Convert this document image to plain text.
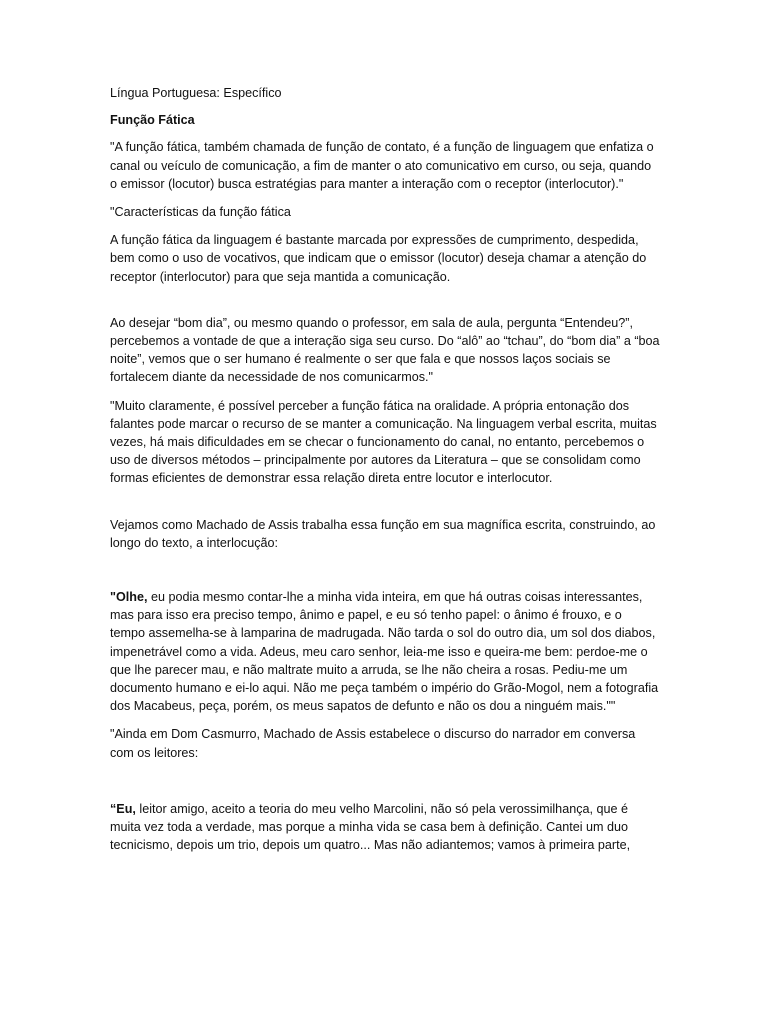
Língua Portuguesa: Específico

Função Fática

"A função fática, também chamada de função de contato, é a função de linguagem que enfatiza o canal ou veículo de comunicação, a fim de manter o ato comunicativo em curso, ou seja, quando o emissor (locutor) busca estratégias para manter a interação com o receptor (interlocutor)."

"Características da função fática

A função fática da linguagem é bastante marcada por expressões de cumprimento, despedida, bem como o uso de vocativos, que indicam que o emissor (locutor) deseja chamar a atenção do receptor (interlocutor) para que seja mantida a comunicação.

Ao desejar “bom dia”, ou mesmo quando o professor, em sala de aula, pergunta “Entendeu?”, percebemos a vontade de que a interação siga seu curso. Do “alô” ao “tchau”, do “bom dia” a “boa noite”, vemos que o ser humano é realmente o ser que fala e que nossos laços sociais se fortalecem diante da necessidade de nos comunicarmos."

"Muito claramente, é possível perceber a função fática na oralidade. A própria entonação dos falantes pode marcar o recurso de se manter a comunicação. Na linguagem verbal escrita, muitas vezes, há mais dificuldades em se checar o funcionamento do canal, no entanto, percebemos o uso de diversos métodos – principalmente por autores da Literatura – que se consolidam como formas eficientes de demonstrar essa relação direta entre locutor e interlocutor.

Vejamos como Machado de Assis trabalha essa função em sua magnífica escrita, construindo, ao longo do texto, a interlocução:

"Olhe, eu podia mesmo contar-lhe a minha vida inteira, em que há outras coisas interessantes, mas para isso era preciso tempo, ânimo e papel, e eu só tenho papel: o ânimo é frouxo, e o tempo assemelha-se à lamparina de madrugada. Não tarda o sol do outro dia, um sol dos diabos, impenetrável como a vida. Adeus, meu caro senhor, leia-me isso e queira-me bem: perdoe-me o que lhe parecer mau, e não maltrate muito a arruda, se lhe não cheira a rosas. Pediu-me um documento humano e ei-lo aqui. Não me peça também o império do Grão-Mogol, nem a fotografia dos Macabeus, peça, porém, os meus sapatos de defunto e não os dou a ninguém mais.""

"Ainda em Dom Casmurro, Machado de Assis estabelece o discurso do narrador em conversa com os leitores:

“Eu, leitor amigo, aceito a teoria do meu velho Marcolini, não só pela verossimilhança, que é muita vez toda a verdade, mas porque a minha vida se casa bem à definição. Cantei um duo tecnicismo, depois um trio, depois um quatro... Mas não adiantemos; vamos à primeira parte,
